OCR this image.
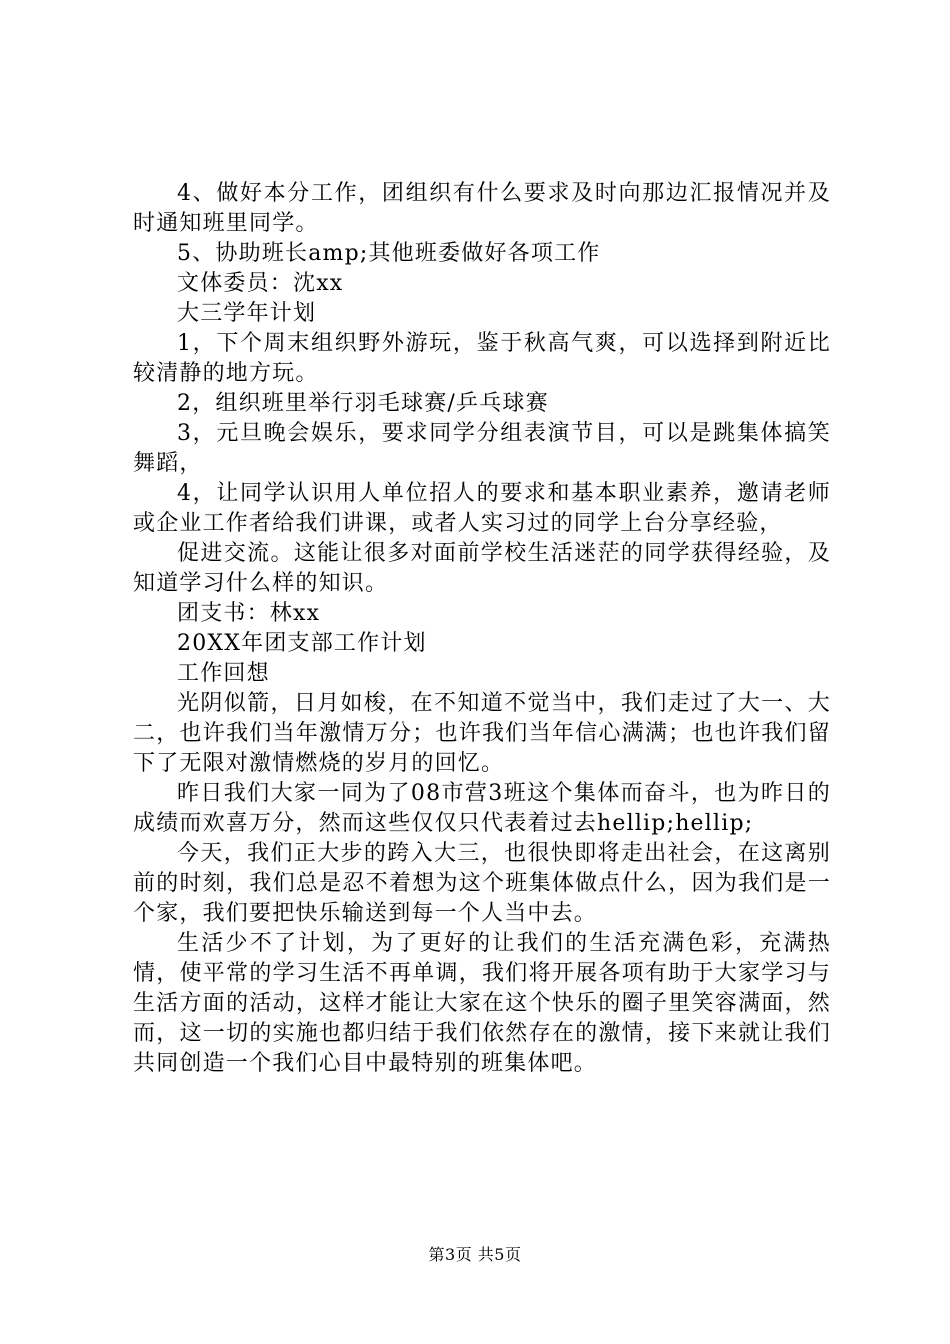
4、做好本分工作，团组织有什么要求及时向那边汇报情况并及时通知班里同学。

5、协助班长amp;其他班委做好各项工作

文体委员：沈xx

大三学年计划

1，下个周末组织野外游玩，鉴于秋高气爽，可以选择到附近比较清静的地方玩。

2，组织班里举行羽毛球赛/乒乓球赛

3，元旦晚会娱乐，要求同学分组表演节目，可以是跳集体搞笑舞蹈，

4，让同学认识用人单位招人的要求和基本职业素养，邀请老师或企业工作者给我们讲课，或者人实习过的同学上台分享经验，

促进交流。这能让很多对面前学校生活迷茫的同学获得经验，及知道学习什么样的知识。

团支书：林xx

20XX年团支部工作计划

工作回想

光阴似箭，日月如梭，在不知道不觉当中，我们走过了大一、大二，也许我们当年激情万分；也许我们当年信心满满；也也许我们留下了无限对激情燃烧的岁月的回忆。

昨日我们大家一同为了08市营3班这个集体而奋斗，也为昨日的成绩而欢喜万分，然而这些仅仅只代表着过去hellip;hellip;

今天，我们正大步的跨入大三，也很快即将走出社会，在这离别前的时刻，我们总是忍不着想为这个班集体做点什么，因为我们是一个家，我们要把快乐输送到每一个人当中去。

生活少不了计划，为了更好的让我们的生活充满色彩，充满热情，使平常的学习生活不再单调，我们将开展各项有助于大家学习与生活方面的活动，这样才能让大家在这个快乐的圈子里笑容满面，然而，这一切的实施也都归结于我们依然存在的激情，接下来就让我们共同创造一个我们心目中最特别的班集体吧。

第3页 共5页
